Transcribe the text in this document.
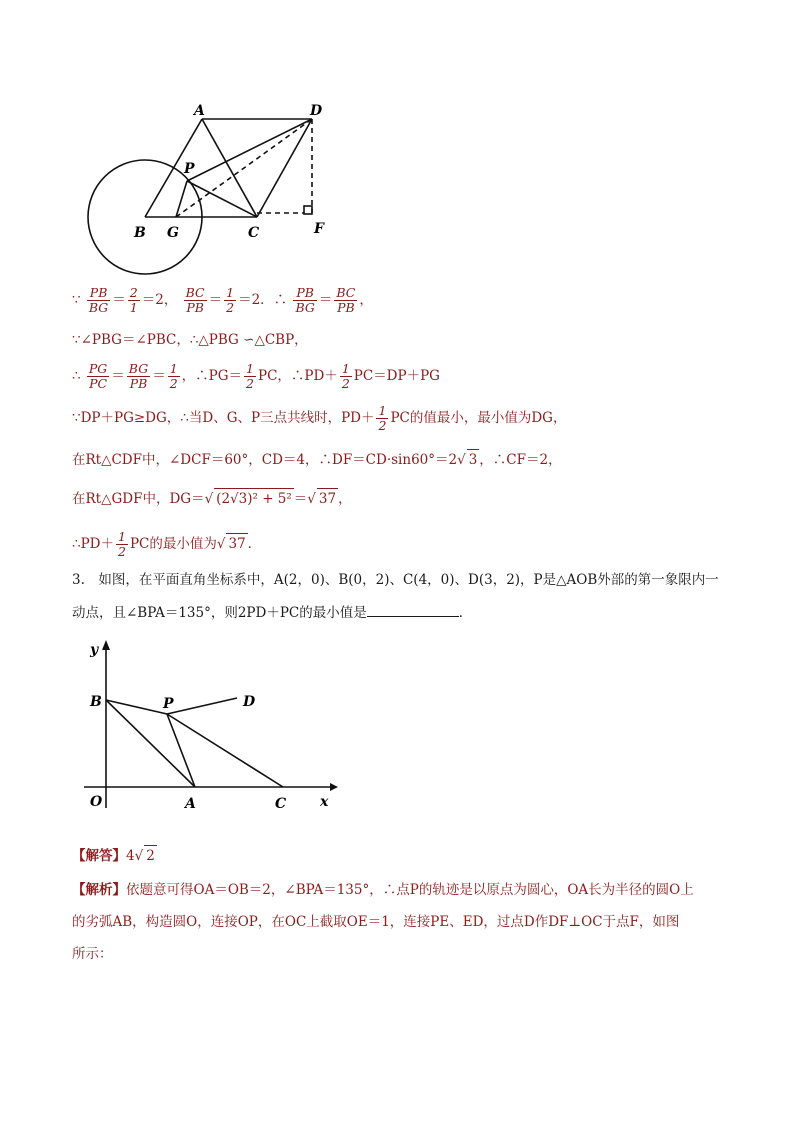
A	D
P
B G	C	F
∵ $\frac{PB}{BG} = \frac{2}{1} =2$， $\frac{BC}{PB} = \frac{1}{2} =2$．∴ $\frac{PB}{BG} = \frac{BC}{PB}$ ，
∵∠PBG＝∠PBC，∴△PBG ∽△CBP，
∴ $\frac{PG}{PC} = \frac{BG}{PB} = \frac{1}{2}$ ，∴PG＝ $\frac{1}{2}$ PC，∴PD＋ $\frac{1}{2} PC=DP+PG$
∵DP＋PG≥DG，∴当D、G、P三点共线时，$PD+ \frac{1}{2}$ PC的值最小，最小值为DG，
在Rt△CDF中，∠DCF＝60°，CD＝4，∴DF＝CD·sin60°＝2√ 3 ，∴CF＝2，
在Rt△GDF中，DG＝√ (2√3)² + 5² ＝√ 37 ，
∴PD＋ $\frac{1}{2}$ PC的最小值为√ 37 ．
3.　如图，在平面直角坐标系中，A(2，0)、B(0，2)、C(4，0)、D(3，2)，P是△AOB外部的第一象限内一
动点，且∠BPA＝135°，则2PD＋PC的最小值是	．
y
x
B	P	D
O	A	C
【解答】4√ 2
【解析】依题意可得OA＝OB＝2，∠BPA＝135°，∴点P的轨迹是以原点为圆心，OA长为半径的圆O上
的劣弧AB，构造圆O，连接OP，在OC上截取OE＝1，连接PE、ED，过点D作DF⊥OC于点F，如图
所示：
